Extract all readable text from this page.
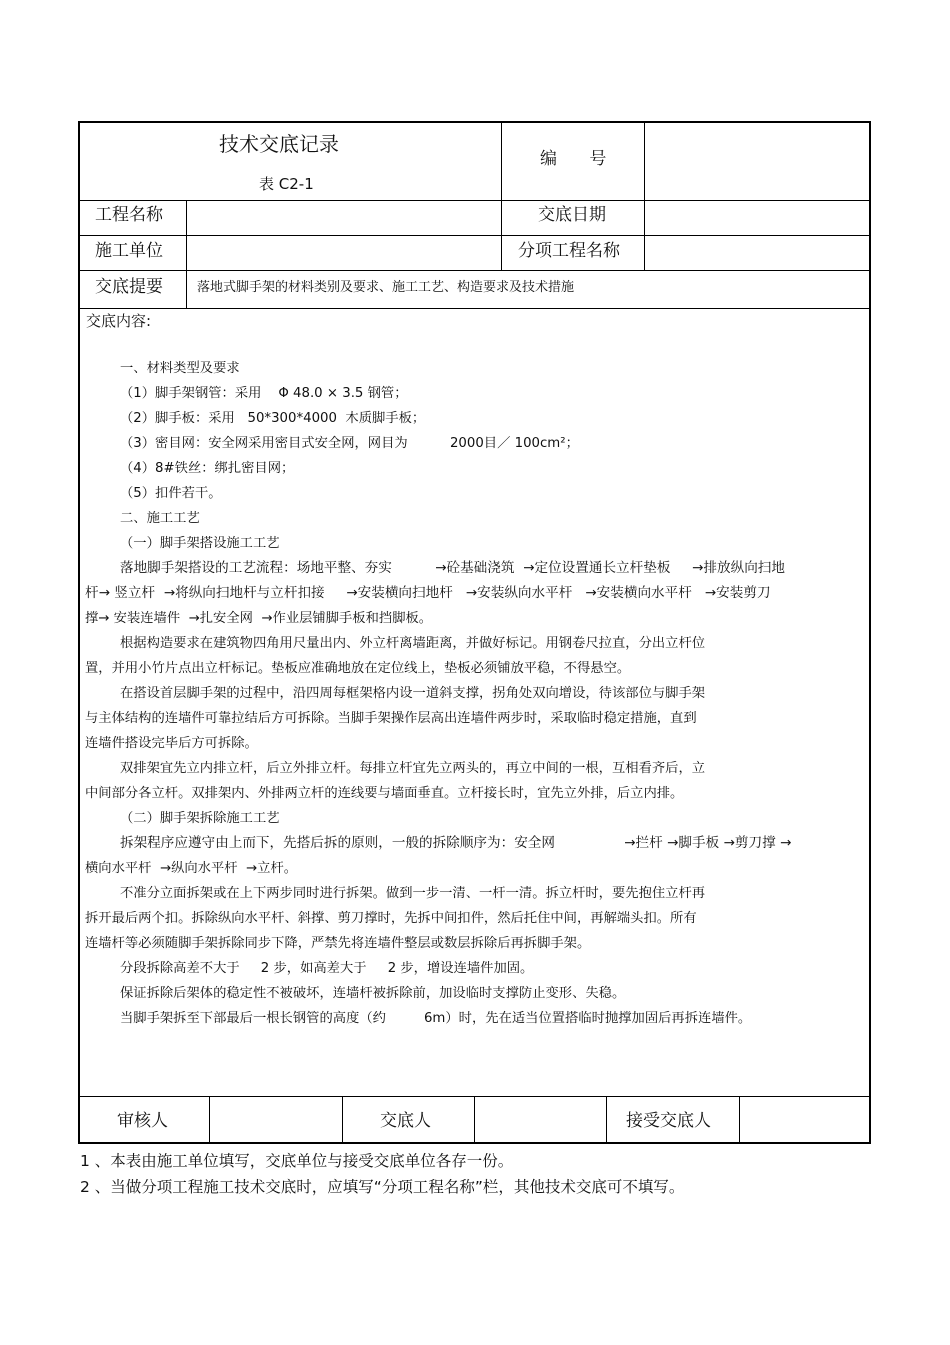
技术交底记录
表 C2-1
编      号
工程名称	交底日期
施工单位	分项工程名称
交底提要	落地式脚手架的材料类别及要求、施工工艺、构造要求及技术措施
交底内容:
一、材料类型及要求
（1）脚手架钢管：采用    Φ 48.0 × 3.5 钢管；
（2）脚手板：采用   50*300*4000  木质脚手板；
（3）密目网：安全网采用密目式安全网，网目为          2000目／ 100cm²；
（4）8#铁丝：绑扎密目网；
（5）扣件若干。
二、施工工艺
（一）脚手架搭设施工工艺
落地脚手架搭设的工艺流程：场地平整、夯实          →砼基础浇筑  →定位设置通长立杆垫板     →排放纵向扫地
杆→ 竖立杆  →将纵向扫地杆与立杆扣接     →安装横向扫地杆   →安装纵向水平杆   →安装横向水平杆   →安装剪刀
撑→ 安装连墙件  →扎安全网  →作业层铺脚手板和挡脚板。
根据构造要求在建筑物四角用尺量出内、外立杆离墙距离，并做好标记。用钢卷尺拉直，分出立杆位
置，并用小竹片点出立杆标记。垫板应准确地放在定位线上，垫板必须铺放平稳，不得悬空。
在搭设首层脚手架的过程中，沿四周每框架格内设一道斜支撑，拐角处双向增设，待该部位与脚手架
与主体结构的连墙件可靠拉结后方可拆除。当脚手架操作层高出连墙件两步时，采取临时稳定措施，直到
连墙件搭设完毕后方可拆除。
双排架宜先立内排立杆，后立外排立杆。每排立杆宜先立两头的，再立中间的一根，互相看齐后，立
中间部分各立杆。双排架内、外排两立杆的连线要与墙面垂直。立杆接长时，宜先立外排，后立内排。
（二）脚手架拆除施工工艺
拆架程序应遵守由上而下，先搭后拆的原则，一般的拆除顺序为：安全网                →拦杆 →脚手板 →剪刀撑 →
横向水平杆  →纵向水平杆  →立杆。
不准分立面拆架或在上下两步同时进行拆架。做到一步一清、一杆一清。拆立杆时，要先抱住立杆再
拆开最后两个扣。拆除纵向水平杆、斜撑、剪刀撑时，先拆中间扣件，然后托住中间，再解端头扣。所有
连墙杆等必须随脚手架拆除同步下降，严禁先将连墙件整层或数层拆除后再拆脚手架。
分段拆除高差不大于     2 步，如高差大于     2 步，增设连墙件加固。
保证拆除后架体的稳定性不被破坏，连墙杆被拆除前，加设临时支撑防止变形、失稳。
当脚手架拆至下部最后一根长钢管的高度（约         6m）时，先在适当位置搭临时抛撑加固后再拆连墙件。
审核人	交底人	接受交底人
1 、本表由施工单位填写，交底单位与接受交底单位各存一份。
2 、当做分项工程施工技术交底时，应填写“分项工程名称”栏，其他技术交底可不填写。
